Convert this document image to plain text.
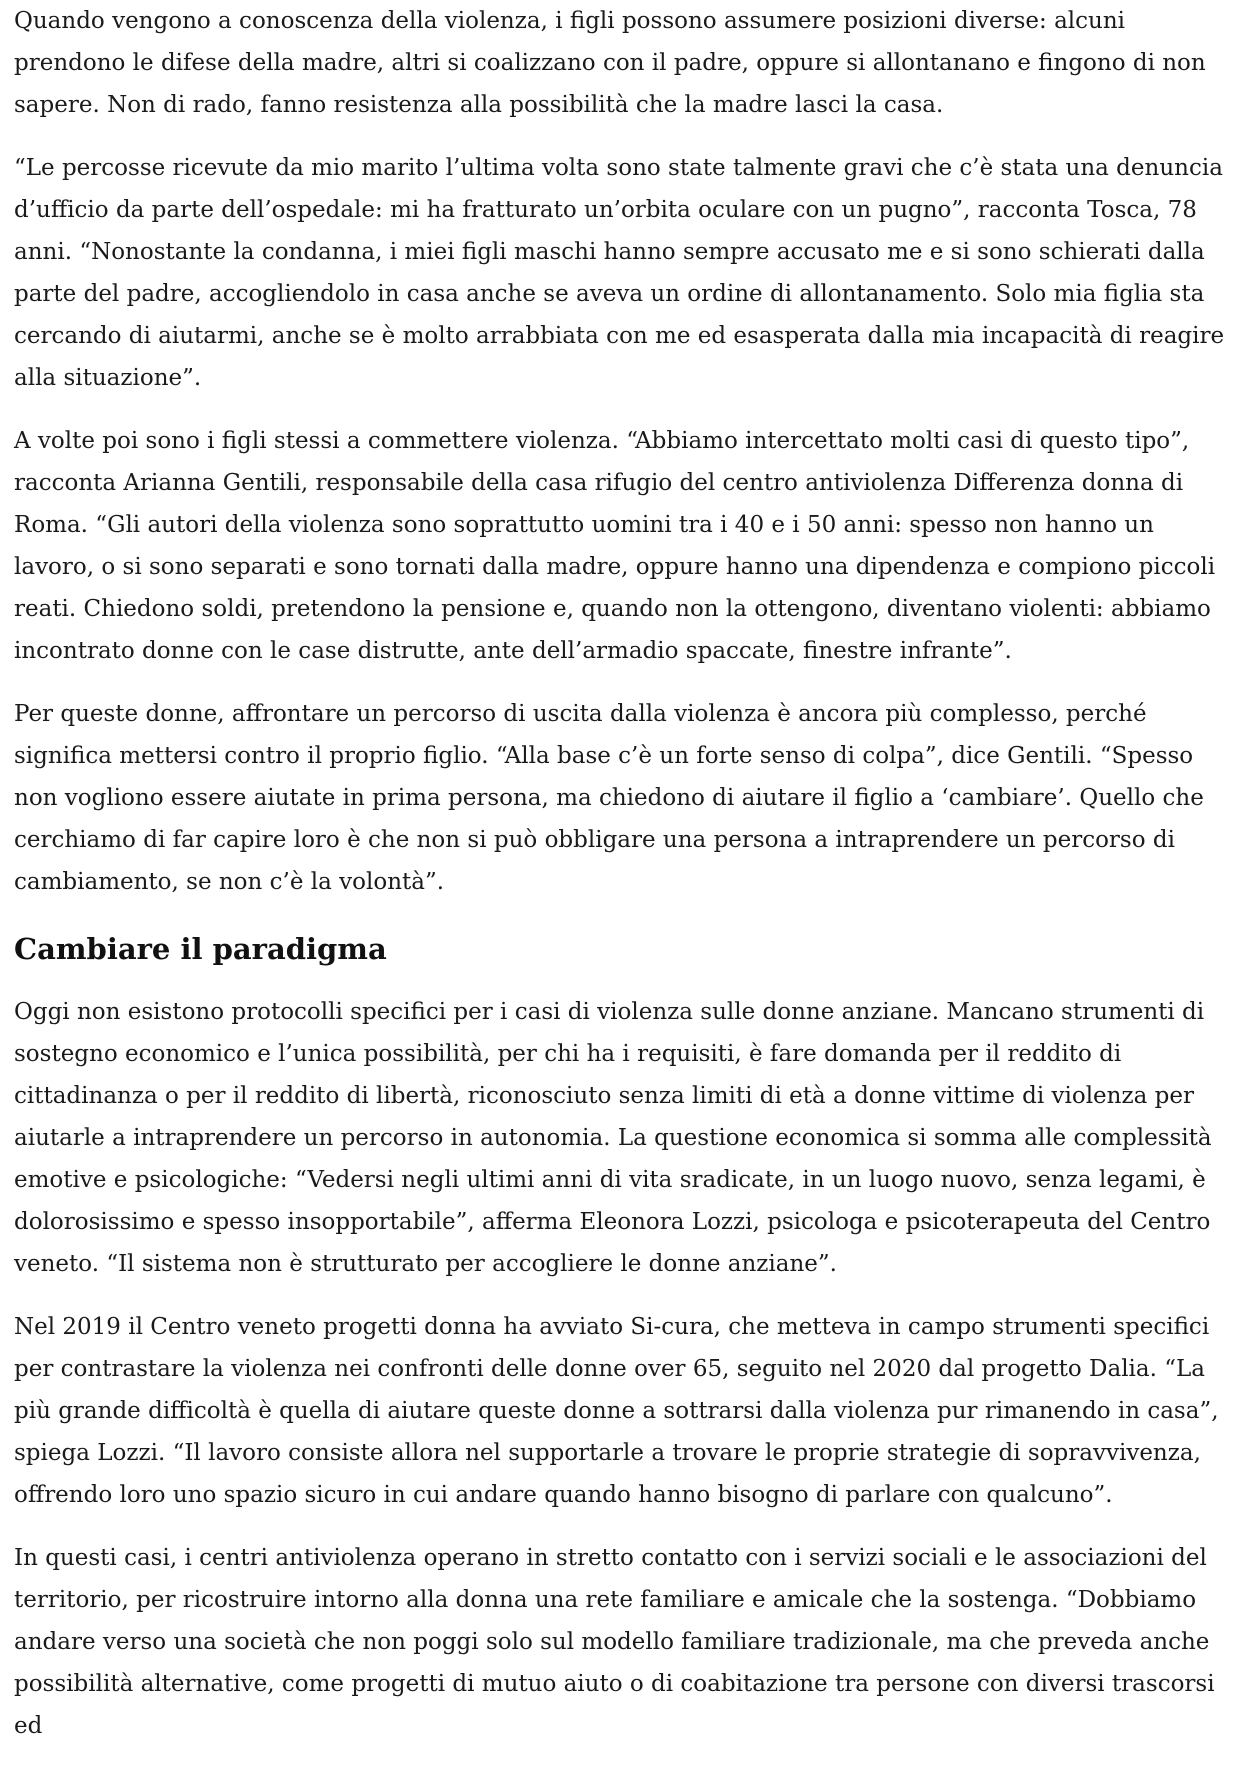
Quando vengono a conoscenza della violenza, i figli possono assumere posizioni diverse: alcuni prendono le difese della madre, altri si coalizzano con il padre, oppure si allontanano e fingono di non sapere. Non di rado, fanno resistenza alla possibilità che la madre lasci la casa.

“Le percosse ricevute da mio marito l’ultima volta sono state talmente gravi che c’è stata una denuncia d’ufficio da parte dell’ospedale: mi ha fratturato un’orbita oculare con un pugno”, racconta Tosca, 78 anni. “Nonostante la condanna, i miei figli maschi hanno sempre accusato me e si sono schierati dalla parte del padre, accogliendolo in casa anche se aveva un ordine di allontanamento. Solo mia figlia sta cercando di aiutarmi, anche se è molto arrabbiata con me ed esasperata dalla mia incapacità di reagire alla situazione”.

A volte poi sono i figli stessi a commettere violenza. “Abbiamo intercettato molti casi di questo tipo”, racconta Arianna Gentili, responsabile della casa rifugio del centro antiviolenza Differenza donna di Roma. “Gli autori della violenza sono soprattutto uomini tra i 40 e i 50 anni: spesso non hanno un lavoro, o si sono separati e sono tornati dalla madre, oppure hanno una dipendenza e compiono piccoli reati. Chiedono soldi, pretendono la pensione e, quando non la ottengono, diventano violenti: abbiamo incontrato donne con le case distrutte, ante dell’armadio spaccate, finestre infrante”.

Per queste donne, affrontare un percorso di uscita dalla violenza è ancora più complesso, perché significa mettersi contro il proprio figlio. “Alla base c’è un forte senso di colpa”, dice Gentili. “Spesso non vogliono essere aiutate in prima persona, ma chiedono di aiutare il figlio a ‘cambiare’. Quello che cerchiamo di far capire loro è che non si può obbligare una persona a intraprendere un percorso di cambiamento, se non c’è la volontà”.

Cambiare il paradigma

Oggi non esistono protocolli specifici per i casi di violenza sulle donne anziane. Mancano strumenti di sostegno economico e l’unica possibilità, per chi ha i requisiti, è fare domanda per il reddito di cittadinanza o per il reddito di libertà, riconosciuto senza limiti di età a donne vittime di violenza per aiutarle a intraprendere un percorso in autonomia. La questione economica si somma alle complessità emotive e psicologiche: “Vedersi negli ultimi anni di vita sradicate, in un luogo nuovo, senza legami, è dolorosissimo e spesso insopportabile”, afferma Eleonora Lozzi, psicologa e psicoterapeuta del Centro veneto. “Il sistema non è strutturato per accogliere le donne anziane”.

Nel 2019 il Centro veneto progetti donna ha avviato Si-cura, che metteva in campo strumenti specifici per contrastare la violenza nei confronti delle donne over 65, seguito nel 2020 dal progetto Dalia. “La più grande difficoltà è quella di aiutare queste donne a sottrarsi dalla violenza pur rimanendo in casa”, spiega Lozzi. “Il lavoro consiste allora nel supportarle a trovare le proprie strategie di sopravvivenza, offrendo loro uno spazio sicuro in cui andare quando hanno bisogno di parlare con qualcuno”.

In questi casi, i centri antiviolenza operano in stretto contatto con i servizi sociali e le associazioni del territorio, per ricostruire intorno alla donna una rete familiare e amicale che la sostenga. “Dobbiamo andare verso una società che non poggi solo sul modello familiare tradizionale, ma che preveda anche possibilità alternative, come progetti di mutuo aiuto o di coabitazione tra persone con diversi trascorsi ed
